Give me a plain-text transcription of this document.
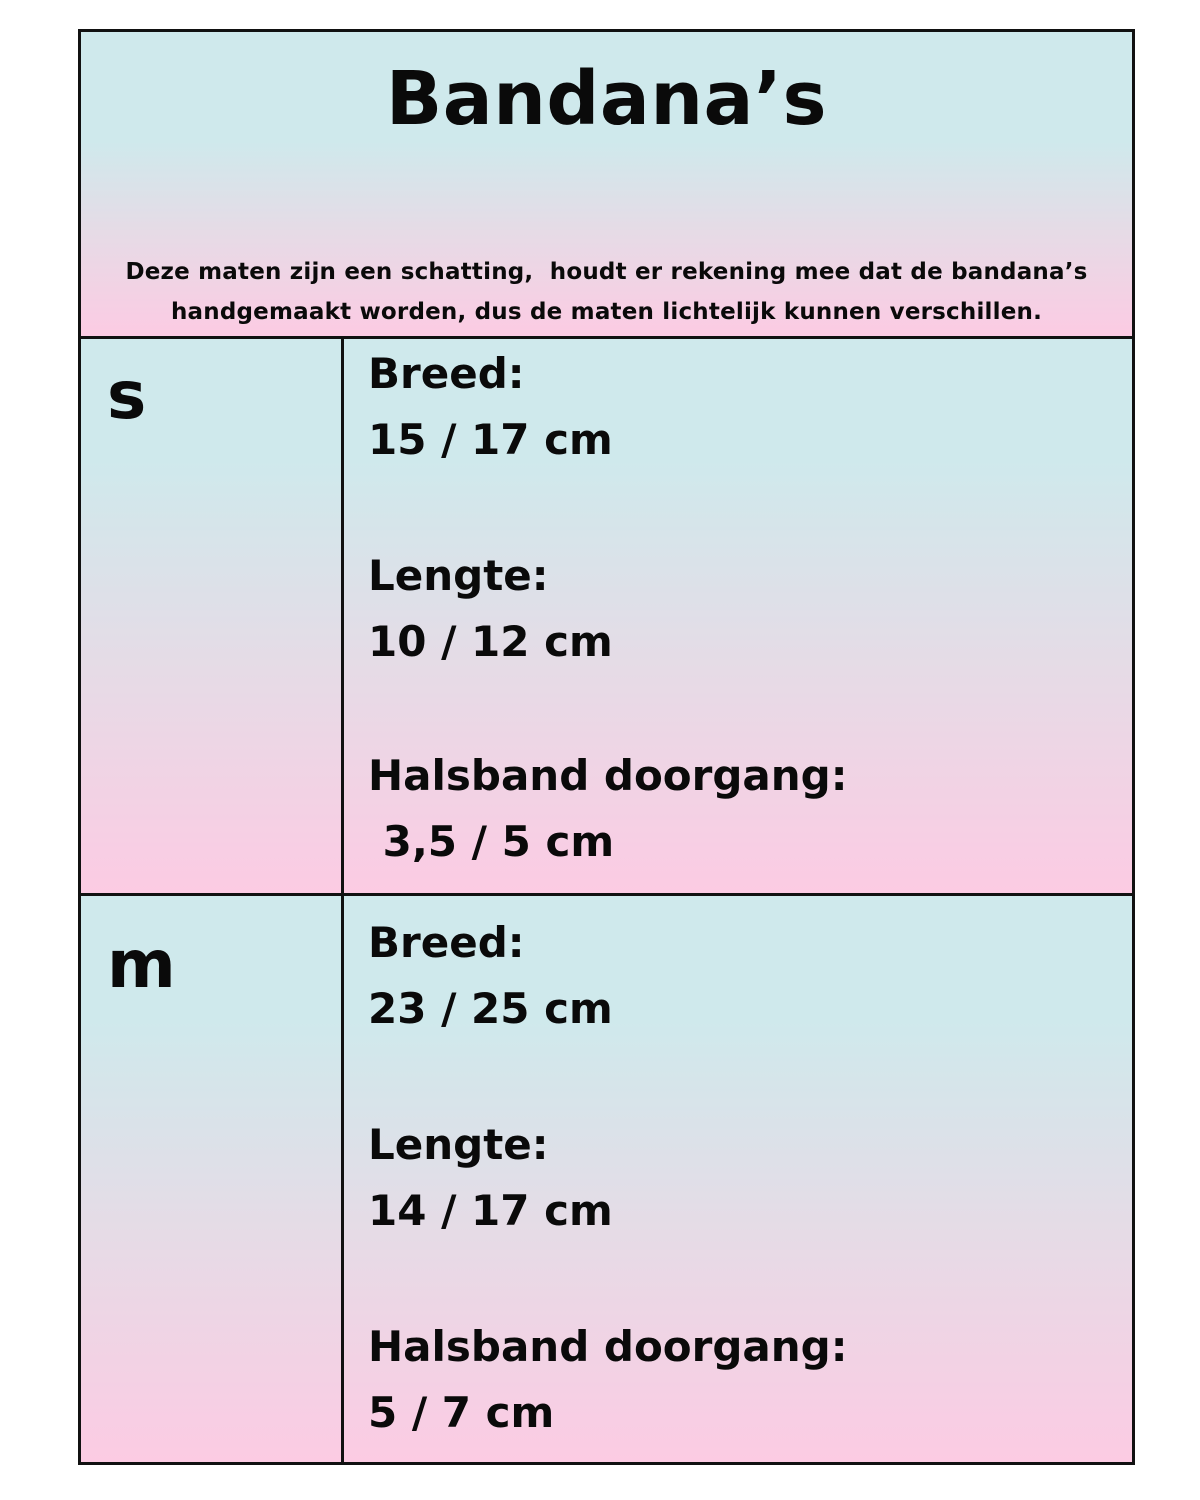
Bandana’s
Deze maten zijn een schatting,  houdt er rekening mee dat de bandana’s
handgemaakt worden, dus de maten lichtelijk kunnen verschillen.
s	Breed:
15 / 17 cm
Lengte:
10 / 12 cm
Halsband doorgang:
3,5 / 5 cm
m	Breed:
23 / 25 cm
Lengte:
14 / 17 cm
Halsband doorgang:
5 / 7 cm
